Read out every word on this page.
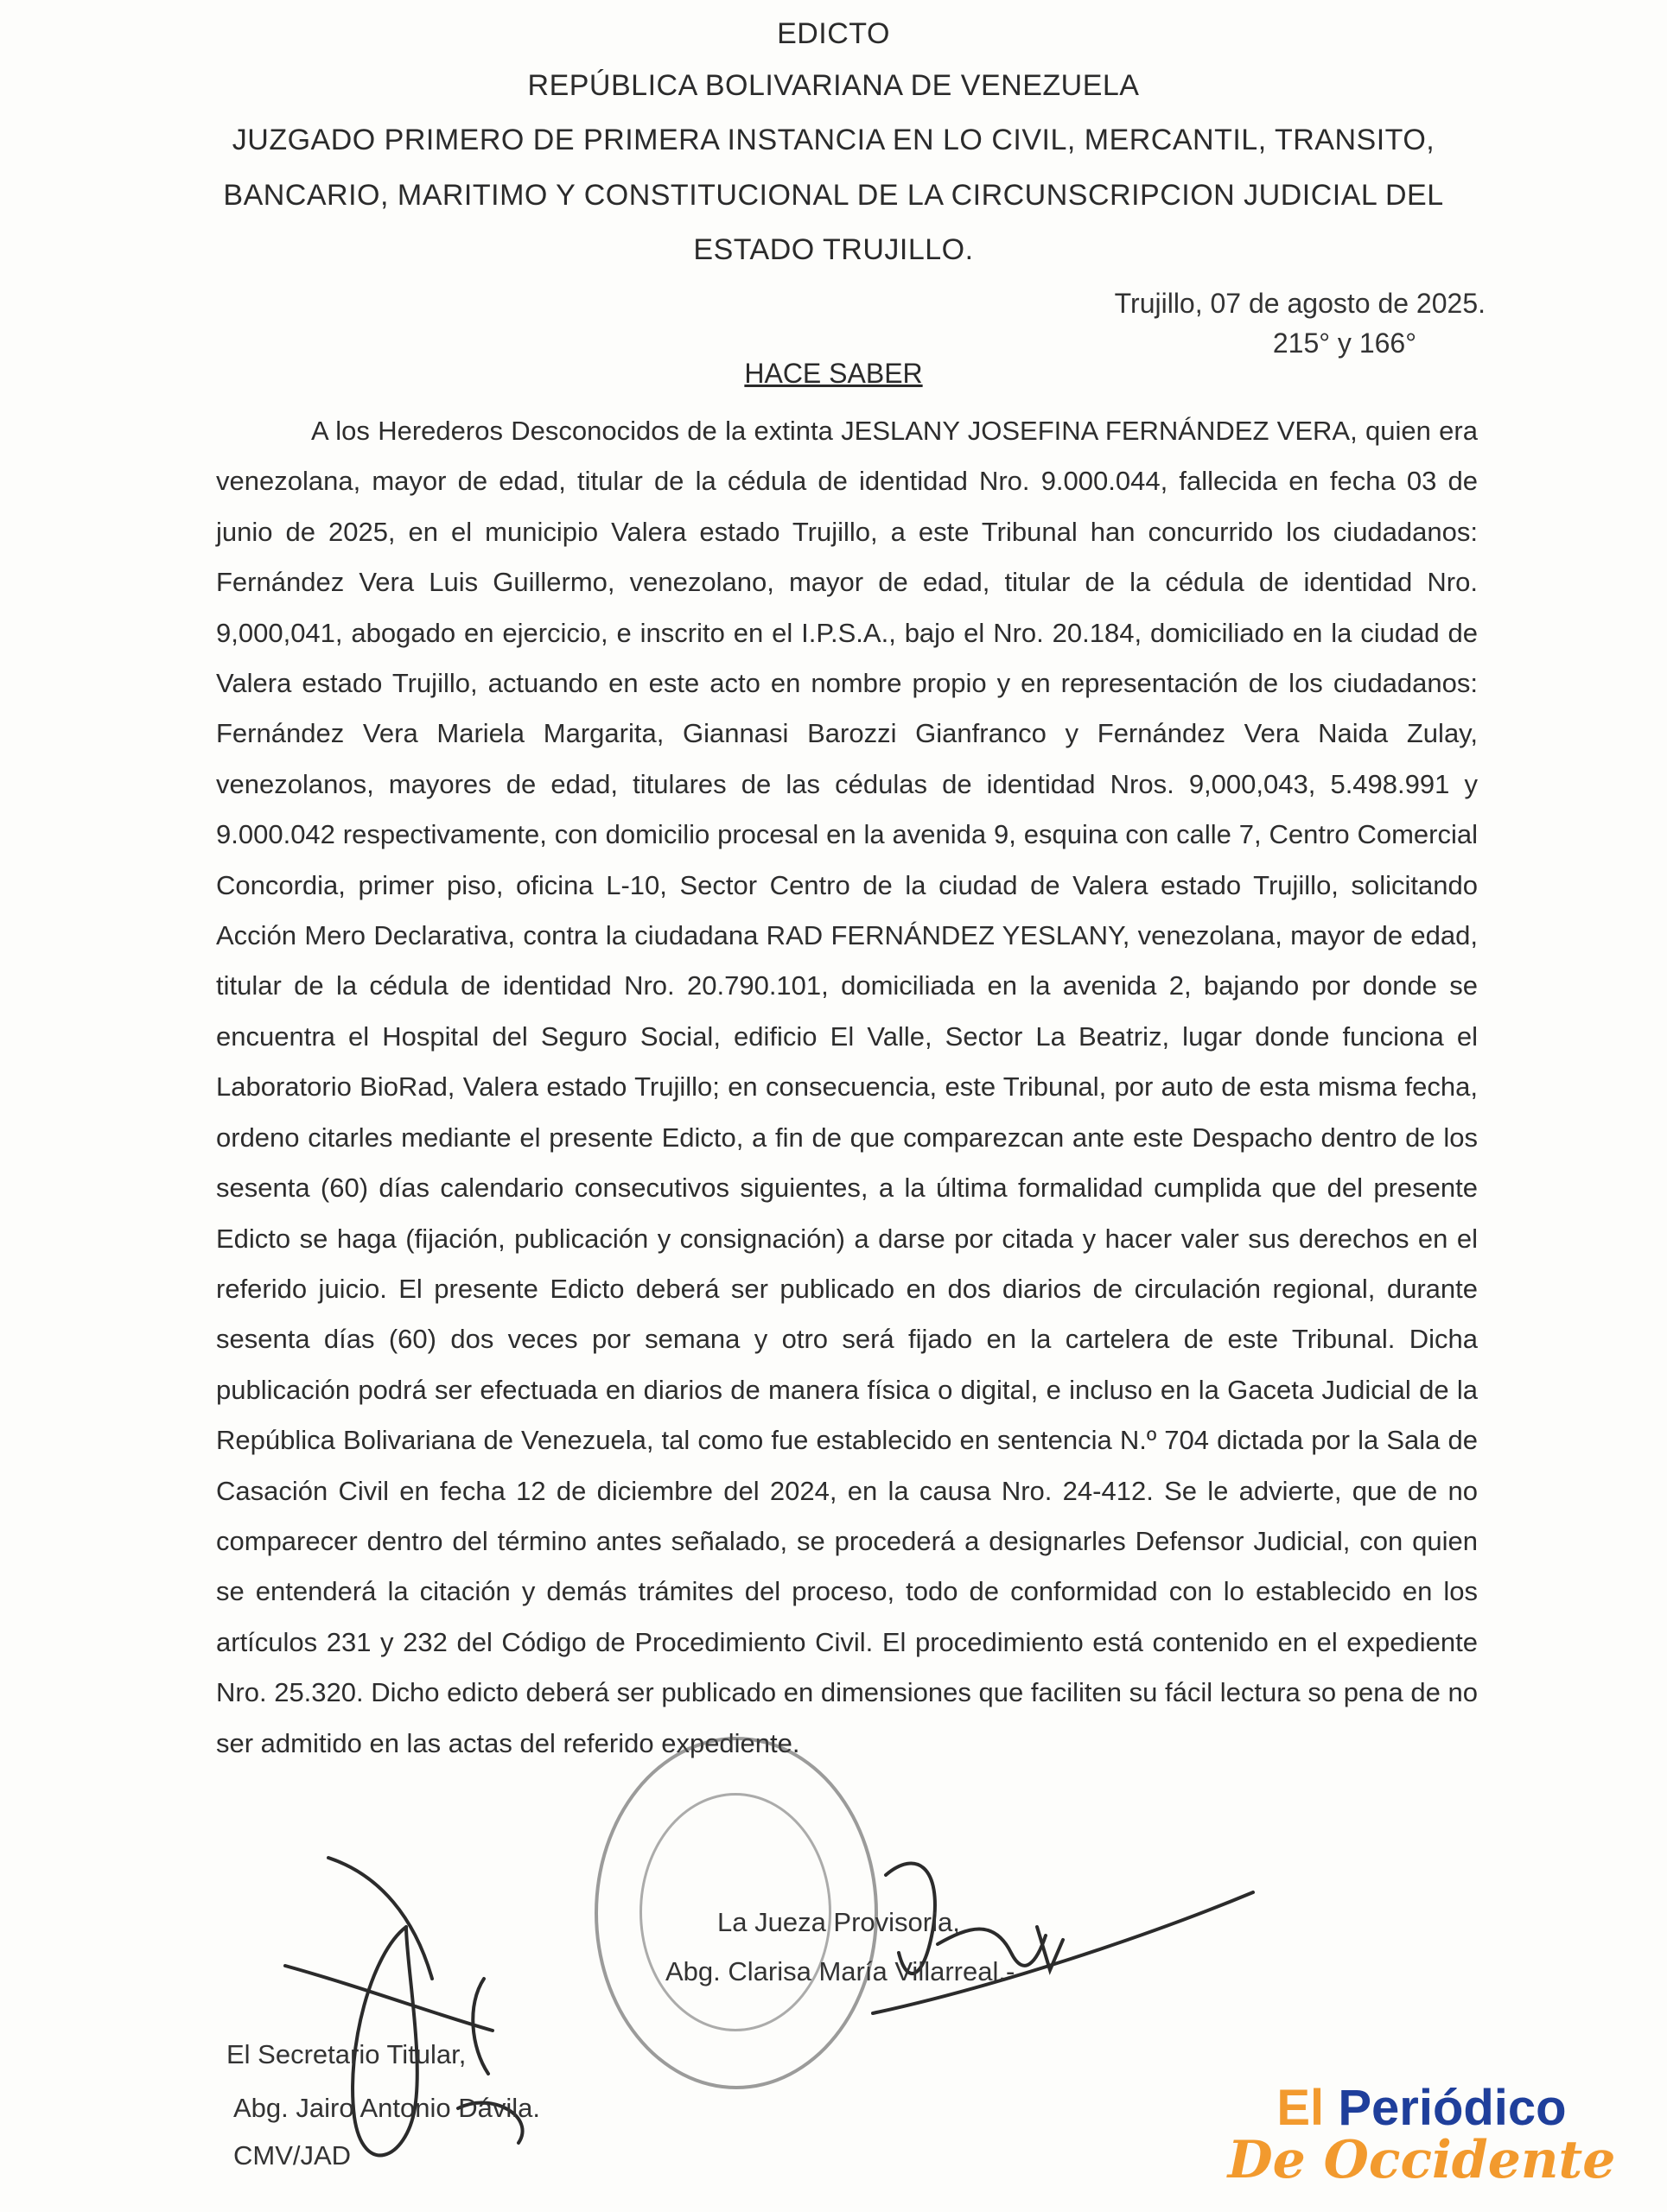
EDICTO
REPÚBLICA BOLIVARIANA DE VENEZUELA
JUZGADO PRIMERO DE PRIMERA INSTANCIA EN LO CIVIL, MERCANTIL, TRANSITO,
BANCARIO, MARITIMO Y CONSTITUCIONAL DE LA CIRCUNSCRIPCION JUDICIAL DEL
ESTADO TRUJILLO.
Trujillo, 07 de agosto de 2025.

215° y 166°
HACE SABER
A los Herederos Desconocidos de la extinta JESLANY JOSEFINA FERNÁNDEZ VERA, quien era venezolana, mayor de edad, titular de la cédula de identidad Nro. 9.000.044, fallecida en fecha 03 de junio de 2025, en el municipio Valera estado Trujillo, a este Tribunal han concurrido los ciudadanos: Fernández Vera Luis Guillermo, venezolano, mayor de edad, titular de la cédula de identidad Nro. 9,000,041, abogado en ejercicio, e inscrito en el I.P.S.A., bajo el Nro. 20.184, domiciliado en la ciudad de Valera estado Trujillo, actuando en este acto en nombre propio y en representación de los ciudadanos: Fernández Vera Mariela Margarita, Giannasi Barozzi Gianfranco y Fernández Vera Naida Zulay, venezolanos, mayores de edad, titulares de las cédulas de identidad Nros. 9,000,043, 5.498.991 y 9.000.042 respectivamente, con domicilio procesal en la avenida 9, esquina con calle 7, Centro Comercial Concordia, primer piso, oficina L-10, Sector Centro de la ciudad de Valera estado Trujillo, solicitando Acción Mero Declarativa, contra la ciudadana RAD FERNÁNDEZ YESLANY, venezolana, mayor de edad, titular de la cédula de identidad Nro. 20.790.101, domiciliada en la avenida 2, bajando por donde se encuentra el Hospital del Seguro Social, edificio El Valle, Sector La Beatriz, lugar donde funciona el Laboratorio BioRad, Valera estado Trujillo; en consecuencia, este Tribunal, por auto de esta misma fecha, ordeno citarles mediante el presente Edicto, a fin de que comparezcan ante este Despacho dentro de los sesenta (60) días calendario consecutivos siguientes, a la última formalidad cumplida que del presente Edicto se haga (fijación, publicación y consignación) a darse por citada y hacer valer sus derechos en el referido juicio. El presente Edicto deberá ser publicado en dos diarios de circulación regional, durante sesenta días (60) dos veces por semana y otro será fijado en la cartelera de este Tribunal. Dicha publicación podrá ser efectuada en diarios de manera física o digital, e incluso en la Gaceta Judicial de la República Bolivariana de Venezuela, tal como fue establecido en sentencia N.º 704 dictada por la Sala de Casación Civil en fecha 12 de diciembre del 2024, en la causa Nro. 24-412. Se le advierte, que de no comparecer dentro del término antes señalado, se procederá a designarles Defensor Judicial, con quien se entenderá la citación y demás trámites del proceso, todo de conformidad con lo establecido en los artículos 231 y 232 del Código de Procedimiento Civil. El procedimiento está contenido en el expediente Nro. 25.320. Dicho edicto deberá ser publicado en dimensiones que faciliten su fácil lectura so pena de no ser admitido en las actas del referido expediente.
La Jueza Provisoria,
Abg. Clarisa María Villarreal.-
El Secretario Titular,
Abg. Jairo Antonio Dávila.
CMV/JAD
El Periódico
De Occidente
